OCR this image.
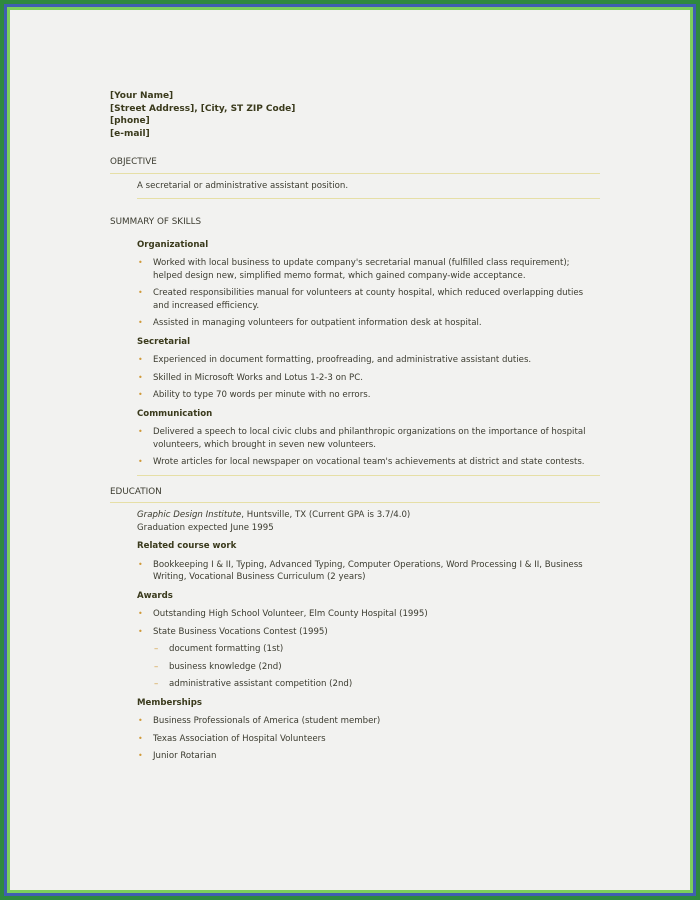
[Your Name]
[Street Address], [City, ST ZIP Code]
[phone]
[e-mail]
OBJECTIVE
A secretarial or administrative assistant position.
SUMMARY OF SKILLS
Organizational
• Worked with local business to update company's secretarial manual (fulfilled class requirement); helped design new, simplified memo format, which gained company-wide acceptance.
• Created responsibilities manual for volunteers at county hospital, which reduced overlapping duties and increased efficiency.
• Assisted in managing volunteers for outpatient information desk at hospital.
Secretarial
• Experienced in document formatting, proofreading, and administrative assistant duties.
• Skilled in Microsoft Works and Lotus 1-2-3 on PC.
• Ability to type 70 words per minute with no errors.
Communication
• Delivered a speech to local civic clubs and philanthropic organizations on the importance of hospital volunteers, which brought in seven new volunteers.
• Wrote articles for local newspaper on vocational team's achievements at district and state contests.
EDUCATION
Graphic Design Institute, Huntsville, TX (Current GPA is 3.7/4.0)
Graduation expected June 1995
Related course work
• Bookkeeping I & II, Typing, Advanced Typing, Computer Operations, Word Processing I & II, Business Writing, Vocational Business Curriculum (2 years)
Awards
• Outstanding High School Volunteer, Elm County Hospital (1995)
• State Business Vocations Contest (1995)
– document formatting (1st)
– business knowledge (2nd)
– administrative assistant competition (2nd)
Memberships
• Business Professionals of America (student member)
• Texas Association of Hospital Volunteers
• Junior Rotarian
